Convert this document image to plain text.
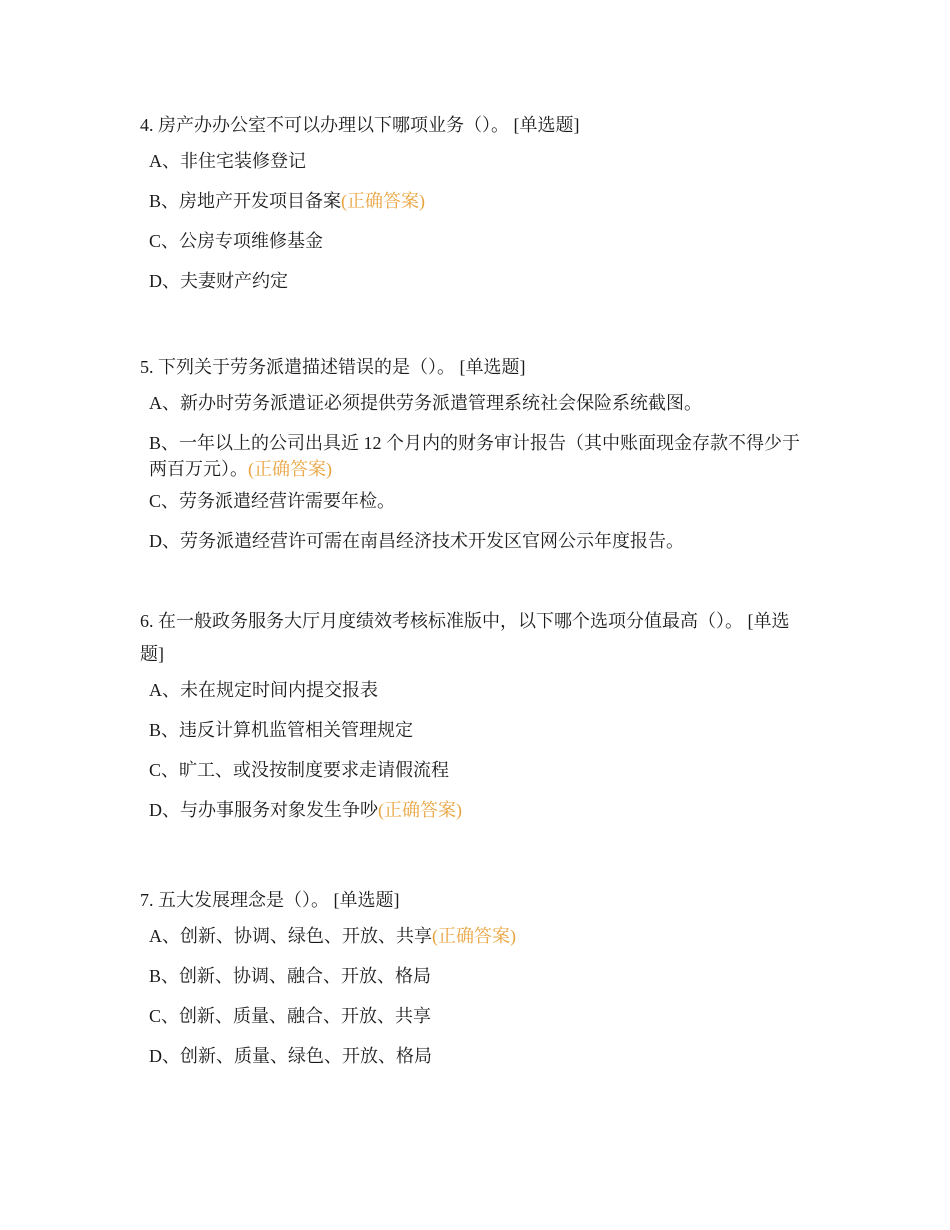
4. 房产办办公室不可以办理以下哪项业务（）。 [单选题]

A、非住宅装修登记
B、房地产开发项目备案(正确答案)
C、公房专项维修基金
D、夫妻财产约定

5. 下列关于劳务派遣描述错误的是（）。 [单选题]

A、新办时劳务派遣证必须提供劳务派遣管理系统社会保险系统截图。
B、一年以上的公司出具近 12 个月内的财务审计报告（其中账面现金存款不得少于两百万元）。(正确答案)
C、劳务派遣经营许需要年检。
D、劳务派遣经营许可需在南昌经济技术开发区官网公示年度报告。

6. 在一般政务服务大厅月度绩效考核标准版中，以下哪个选项分值最高（）。 [单选题]

A、未在规定时间内提交报表
B、违反计算机监管相关管理规定
C、旷工、或没按制度要求走请假流程
D、与办事服务对象发生争吵(正确答案)

7. 五大发展理念是（）。 [单选题]

A、创新、协调、绿色、开放、共享(正确答案)
B、创新、协调、融合、开放、格局
C、创新、质量、融合、开放、共享
D、创新、质量、绿色、开放、格局
